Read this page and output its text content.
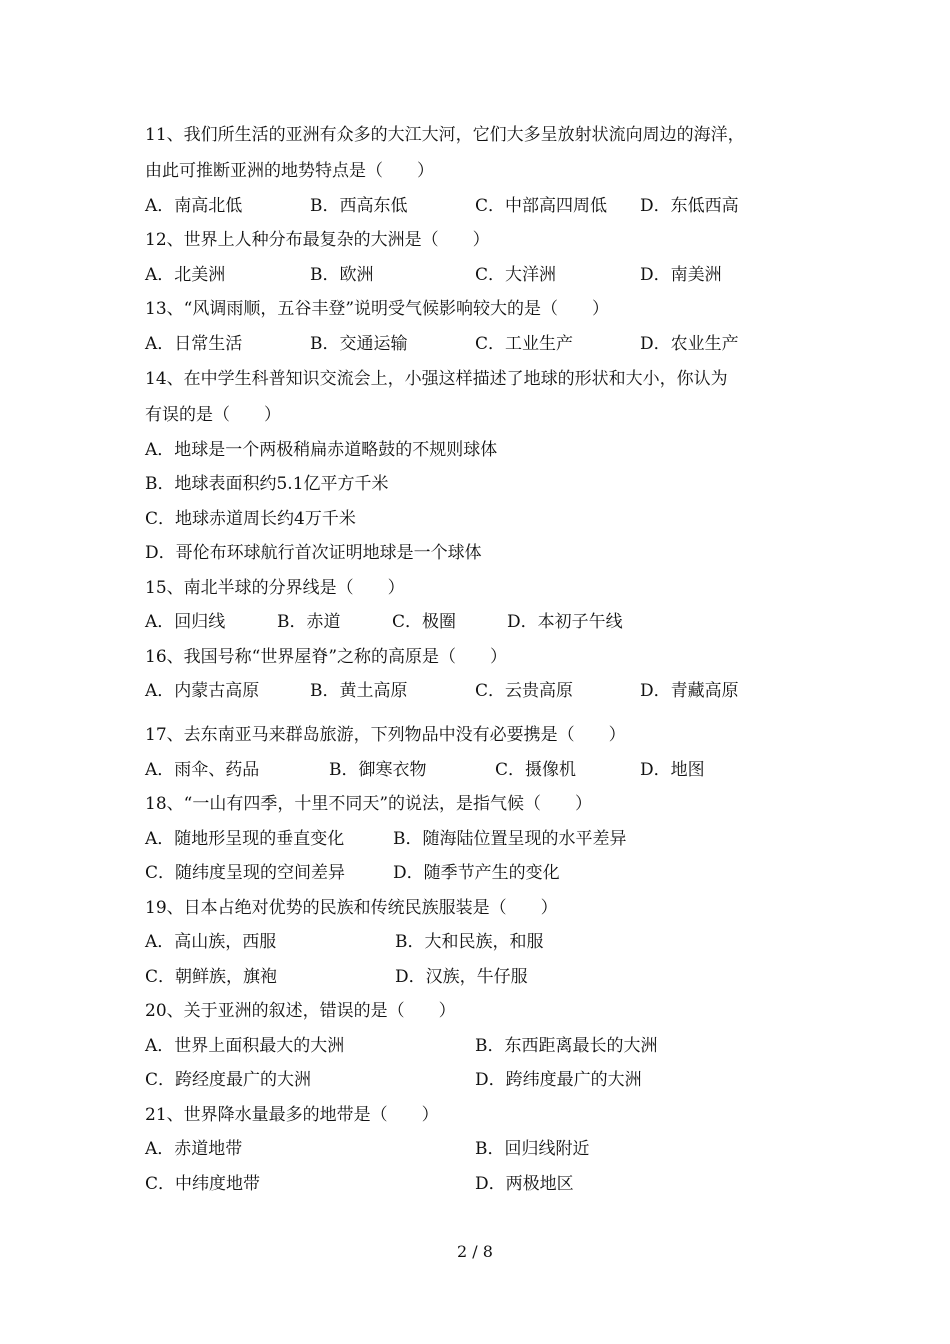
11、我们所生活的亚洲有众多的大江大河，它们大多呈放射状流向周边的海洋，
由此可推断亚洲的地势特点是（　　）
A．南高北低	B．西高东低	C．中部高四周低 D．东低西高
12、世界上人种分布最复杂的大洲是（　　）
A．北美洲	B．欧洲	C．大洋洲	D．南美洲
13、“风调雨顺，五谷丰登”说明受气候影响较大的是（　　）
A．日常生活	B．交通运输	C．工业生产	D．农业生产
14、在中学生科普知识交流会上，小强这样描述了地球的形状和大小，你认为
有误的是（　　）
A．地球是一个两极稍扁赤道略鼓的不规则球体
B．地球表面积约5.1亿平方千米
C．地球赤道周长约4万千米
D．哥伦布环球航行首次证明地球是一个球体
15、南北半球的分界线是（　　）
A．回归线	B．赤道	C．极圈	D．本初子午线
16、我国号称“世界屋脊”之称的高原是（　　）
A．内蒙古高原	B．黄土高原	C．云贵高原	D．青藏高原
17、去东南亚马来群岛旅游，下列物品中没有必要携是（　　）
A．雨伞、药品	B．御寒衣物	C．摄像机	D．地图
18、“一山有四季，十里不同天”的说法，是指气候（　　）
A．随地形呈现的垂直变化	B．随海陆位置呈现的水平差异
C．随纬度呈现的空间差异	D．随季节产生的变化
19、日本占绝对优势的民族和传统民族服装是（　　）
A．高山族，西服	B．大和民族，和服
C．朝鲜族，旗袍	D．汉族，牛仔服
20、关于亚洲的叙述，错误的是（　　）
A．世界上面积最大的大洲	B．东西距离最长的大洲
C．跨经度最广的大洲	D．跨纬度最广的大洲
21、世界降水量最多的地带是（　　）
A．赤道地带	B．回归线附近
C．中纬度地带	D．两极地区
2 / 8
